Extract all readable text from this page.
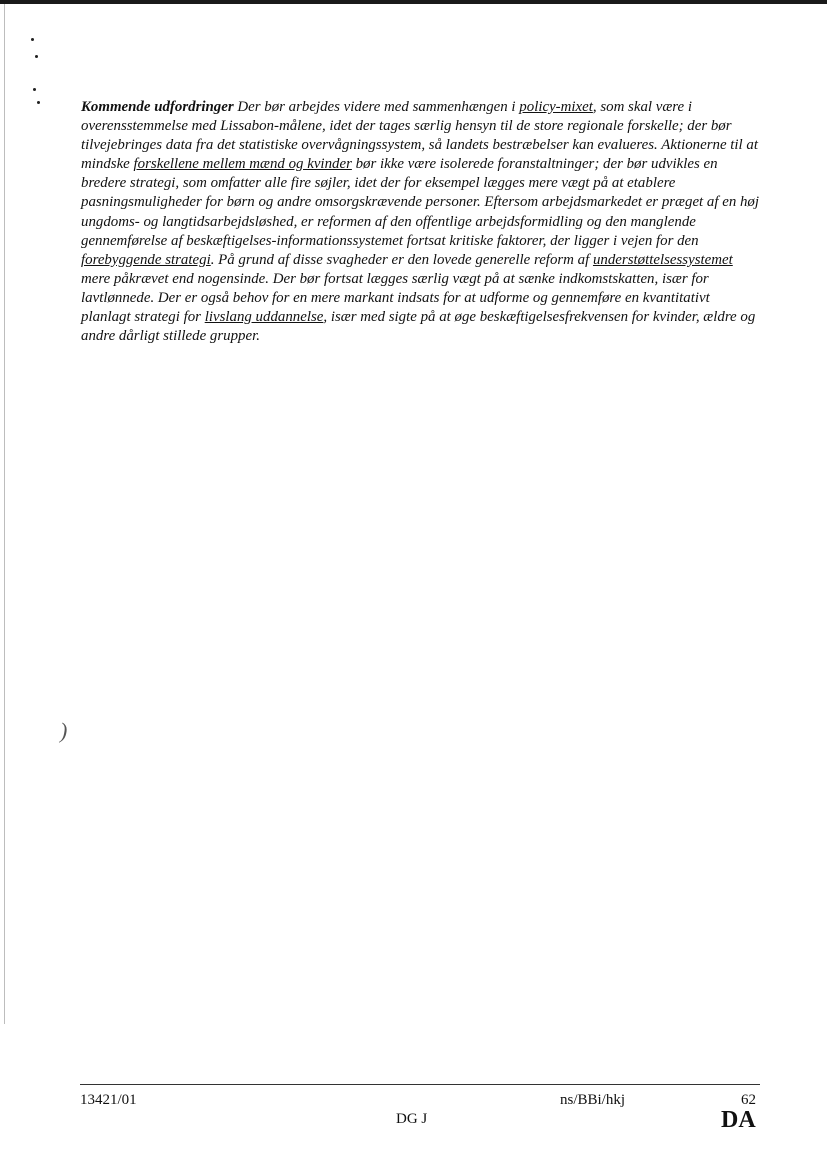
)

Kommende udfordringer Der bør arbejdes videre med sammenhængen i policy-mixet, som skal være i overensstemmelse med Lissabon-målene, idet der tages særlig hensyn til de store regionale forskelle; der bør tilvejebringes data fra det statistiske overvågningssystem, så landets bestræbelser kan evalueres. Aktionerne til at mindske forskellene mellem mænd og kvinder bør ikke være isolerede foranstaltninger; der bør udvikles en bredere strategi, som omfatter alle fire søjler, idet der for eksempel lægges mere vægt på at etablere pasningsmuligheder for børn og andre omsorgskrævende personer. Eftersom arbejdsmarkedet er præget af en høj ungdoms- og langtidsarbejdsløshed, er reformen af den offentlige arbejdsformidling og den manglende gennemførelse af beskæftigelses-informationssystemet fortsat kritiske faktorer, der ligger i vejen for den forebyggende strategi. På grund af disse svagheder er den lovede generelle reform af understøttelsessystemet mere påkrævet end nogensinde. Der bør fortsat lægges særlig vægt på at sænke indkomstskatten, især for lavtlønnede. Der er også behov for en mere markant indsats for at udforme og gennemføre en kvantitativt planlagt strategi for livslang uddannelse, især med sigte på at øge beskæftigelsesfrekvensen for kvinder, ældre og andre dårligt stillede grupper.

13421/01
DG J
ns/BBi/hkj	62
DA
